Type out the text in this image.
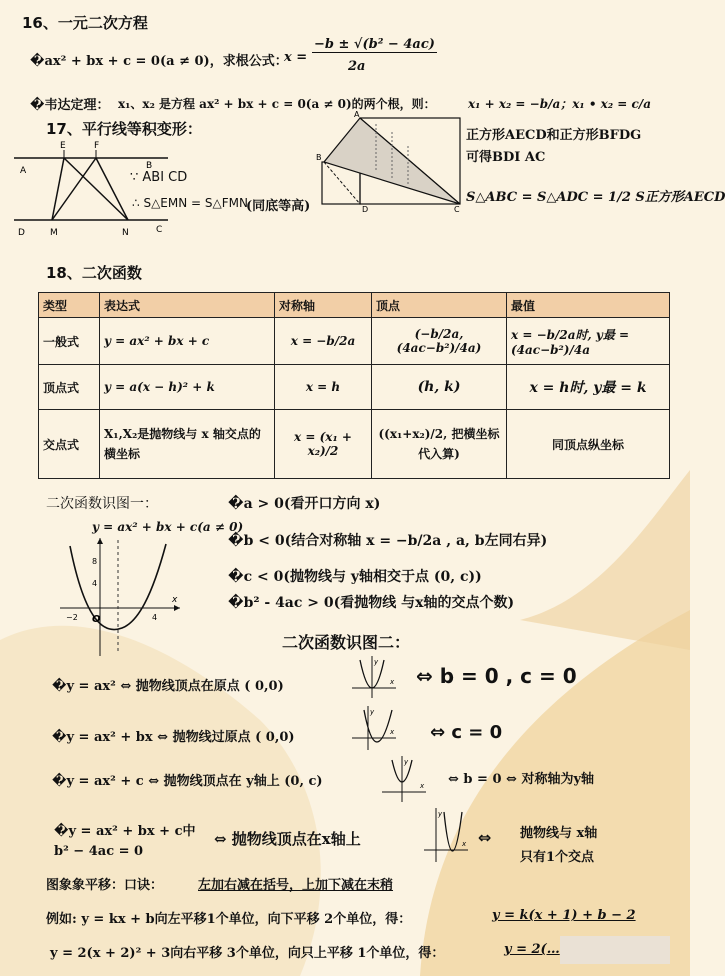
16、一元二次方程
�ax² + bx + c = 0(a ≠ 0)，求根公式：
x =
−b ± √(b² − 4ac)
2a
�韦达定理： x₁、x₂ 是方程 ax² + bx + c = 0(a ≠ 0)的两个根，则：	x₁ + x₂ = −b/a；x₁ • x₂ = c/a
17、平行线等积变形：
A
E	F
B
D	M	N	C
∵ ABⅠ CD
∴ S△EMN = S△FMN
(同底等高)
A
B
D	C
正方形AECD和正方形BFDG
可得BDⅠ AC
S△ABC = S△ADC = 1/2 S正方形AECD
18、二次函数
类型	表达式	对称轴	顶点	最值
一般式	y = ax² + bx + c	x = −b/2a	(−b/2a, (4ac−b²)/4a)	x = −b/2a时, y最 = (4ac−b²)/4a
顶点式	y = a(x − h)² + k	x = h	(h, k)	x = h时, y最 = k
交点式	X₁,X₂是抛物线与 x 轴交点的横坐标	x = (x₁ + x₂)/2	((x₁+x₂)/2, 把横坐标代入算)	同顶点纵坐标
二次函数识图一：
y = ax² + bx + c(a ≠ 0)
x
O
−2	4
8
4
�a > 0(看开口方向 x)
�b < 0(结合对称轴 x = −b/2a , a, b左同右异)
�c < 0(抛物线与 y轴相交于点 (0, c))
�b² - 4ac > 0(看抛物线 与x轴的交点个数)
二次函数识图二：
�y = ax² ⇔ 抛物线顶点在原点 ( 0,0)	x
y
⇔ b = 0 , c = 0
�y = ax² + bx ⇔ 抛物线过原点 ( 0,0)	x
y
⇔ c = 0
�y = ax² + c ⇔ 抛物线顶点在 y轴上 (0, c)	x
y
⇔ b = 0 ⇔ 对称轴为y轴
�y = ax² + bx + c中
b² − 4ac = 0
⇔ 抛物线顶点在x轴上	x
y
⇔ 抛物线与 x轴
只有1个交点
图象象平移：口诀：	左加右减在括号，上加下减在末稍
例如: y = kx + b向左平移1个单位，向下平移 2个单位，得：	y = k(x + 1) + b − 2
y = 2(x + 2)² + 3向右平移 3个单位，向只上平移 1个单位，得：	y = 2(…
